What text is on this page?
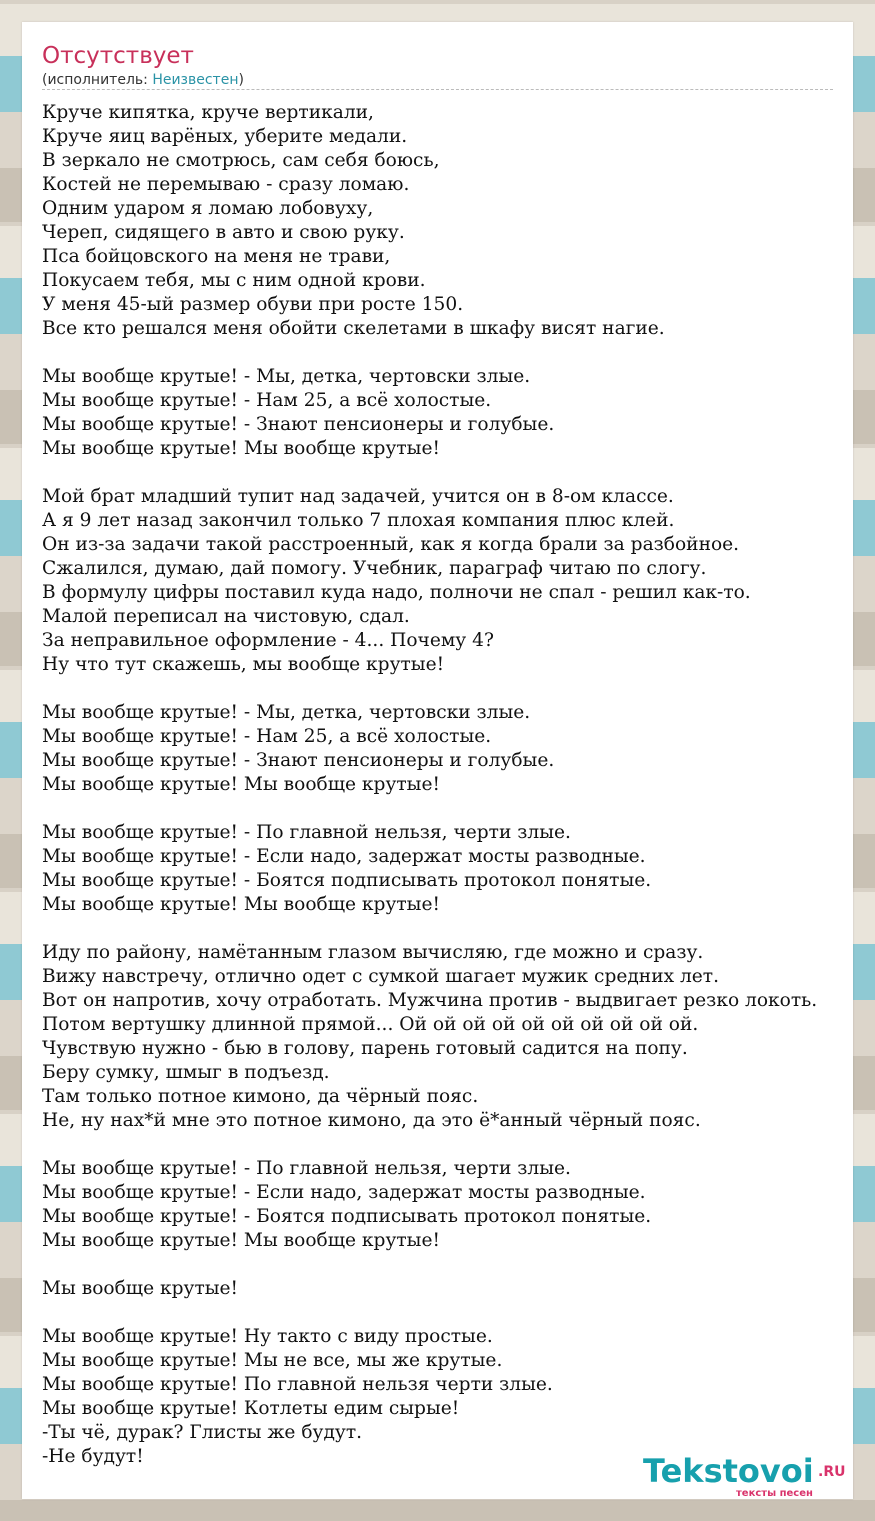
Отсутствует
(исполнитель: Неизвестен)
Круче кипятка, круче вертикали,
Круче яиц варёных, уберите медали.
В зеркало не смотрюсь, сам себя боюсь,
Костей не перемываю - сразу ломаю.
Одним ударом я ломаю лобовуху,
Череп, сидящего в авто и свою руку.
Пса бойцовского на меня не трави,
Покусаем тебя, мы с ним одной крови.
У меня 45-ый размер обуви при росте 150.
Все кто решался меня обойти скелетами в шкафу висят нагие.
Мы вообще крутые! - Мы, детка, чертовски злые.
Мы вообще крутые! - Нам 25, а всё холостые.
Мы вообще крутые! - Знают пенсионеры и голубые.
Мы вообще крутые! Мы вообще крутые!
Мой брат младший тупит над задачей, учится он в 8-ом классе.
А я 9 лет назад закончил только 7 плохая компания плюс клей.
Он из-за задачи такой расстроенный, как я когда брали за разбойное.
Сжалился, думаю, дай помогу. Учебник, параграф читаю по слогу.
В формулу цифры поставил куда надо, полночи не спал - решил как-то.
Малой переписал на чистовую, сдал.
За неправильное оформление - 4... Почему 4?
Ну что тут скажешь, мы вообще крутые!
Мы вообще крутые! - Мы, детка, чертовски злые.
Мы вообще крутые! - Нам 25, а всё холостые.
Мы вообще крутые! - Знают пенсионеры и голубые.
Мы вообще крутые! Мы вообще крутые!
Мы вообще крутые! - По главной нельзя, черти злые.
Мы вообще крутые! - Если надо, задержат мосты разводные.
Мы вообще крутые! - Боятся подписывать протокол понятые.
Мы вообще крутые! Мы вообще крутые!
Иду по району, намётанным глазом вычисляю, где можно и сразу.
Вижу навстречу, отлично одет с сумкой шагает мужик средних лет.
Вот он напротив, хочу отработать. Мужчина против - выдвигает резко локоть.
Потом вертушку длинной прямой... Ой ой ой ой ой ой ой ой ой ой.
Чувствую нужно - бью в голову, парень готовый садится на попу.
Беру сумку, шмыг в подъезд.
Там только потное кимоно, да чёрный пояс.
Не, ну нах*й мне это потное кимоно, да это ё*анный чёрный пояс.
Мы вообще крутые! - По главной нельзя, черти злые.
Мы вообще крутые! - Если надо, задержат мосты разводные.
Мы вообще крутые! - Боятся подписывать протокол понятые.
Мы вообще крутые! Мы вообще крутые!
Мы вообще крутые!
Мы вообще крутые! Ну такто с виду простые.
Мы вообще крутые! Мы не все, мы же крутые.
Мы вообще крутые! По главной нельзя черти злые.
Мы вообще крутые! Котлеты едим сырые!
-Ты чё, дурак? Глисты же будут.
-Не будут!	Tekstovoi .RU
тексты песен
